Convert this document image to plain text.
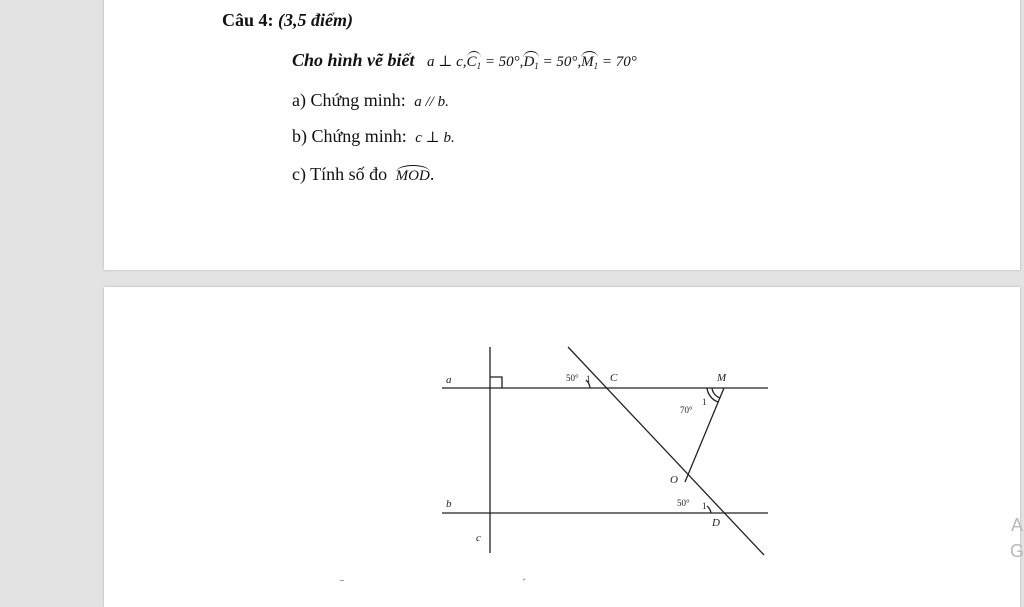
Câu 4: (3,5 điểm)
Cho hình vẽ biết a ⊥ $c,C_1 = 50^\circ,D_1 = 50^\circ,M_1 = 70^\circ$
a) Chứng minh: a // b.
b) Chứng minh: c ⊥ b.
c) Tính số đo MOD.
a
b
c
C	M
O
D
50° 1
70°
1
50° 1
A
G
ˉ	ˊ
